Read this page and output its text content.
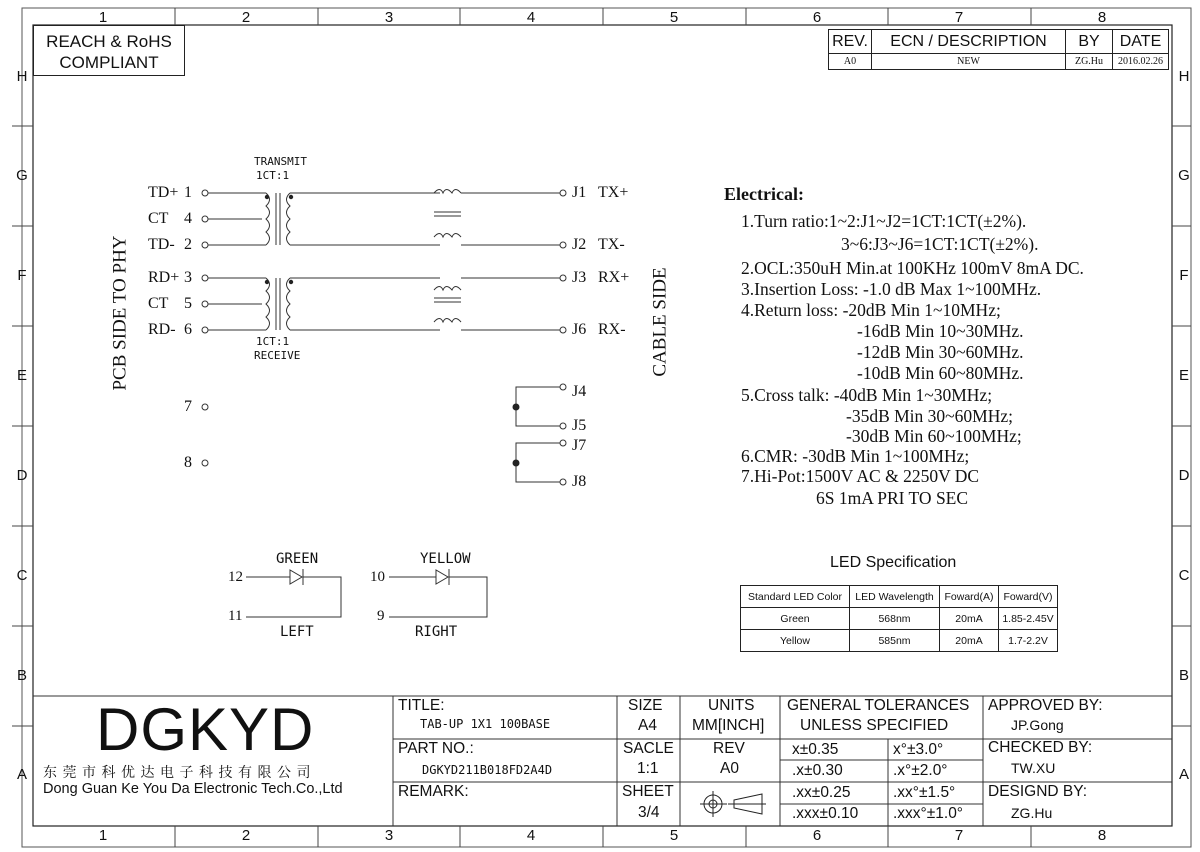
1	2	3	4	5	6	7	8
1	2	3	4	5	6	7	8
H
G
F
E
D
C
B
A
H
G
F
E
D
C
B
A
REACH & RoHS
COMPLIANT
REV.	ECN / DESCRIPTION	BY	DATE
A0	NEW	ZG.Hu	2016.02.26
TRANSMIT
1CT:1
1CT:1
RECEIVE
PCB SIDE TO PHY	CABLE SIDE
TD+ 1
CT 4
TD- 2
RD+ 3
CT 5
RD- 6
7
8
J1 TX+
J2 TX-
J3 RX+
J6 RX-
J4
J5
J7
J8
GREEN
12
11
LEFT
YELLOW
10
9
RIGHT
Electrical:
1.Turn ratio:1~2:J1~J2=1CT:1CT(±2%).
3~6:J3~J6=1CT:1CT(±2%).
2.OCL:350uH Min.at 100KHz 100mV 8mA DC.
3.Insertion Loss: -1.0 dB Max 1~100MHz.
4.Return loss: -20dB Min 1~10MHz;
-16dB Min 10~30MHz.
-12dB Min 30~60MHz.
-10dB Min 60~80MHz.
5.Cross talk: -40dB Min 1~30MHz;
-35dB Min 30~60MHz;
-30dB Min 60~100MHz;
6.CMR: -30dB Min 1~100MHz;
7.Hi-Pot:1500V AC & 2250V DC
6S 1mA PRI TO SEC
LED Specification
Standard LED Color	LED Wavelength	Foward(A)	Foward(V)
Green	568nm	20mA	1.85-2.45V
Yellow	585nm	20mA	1.7-2.2V
DGKYD
东莞市科优达电子科技有限公司
Dong Guan Ke You Da Electronic Tech.Co.,Ltd
TITLE:
TAB-UP 1X1 100BASE
PART NO.:
DGKYD211B018FD2A4D
REMARK:
SIZE
A4
UNITS
MM[INCH]
SACLE
1:1
REV
A0
SHEET
3/4
GENERAL TOLERANCES
UNLESS SPECIFIED
x±0.35	x°±3.0°
.x±0.30	.x°±2.0°
.xx±0.25	.xx°±1.5°
.xxx±0.10 .xxx°±1.0°
APPROVED BY:
JP.Gong
CHECKED BY:
TW.XU
DESIGND BY:
ZG.Hu
